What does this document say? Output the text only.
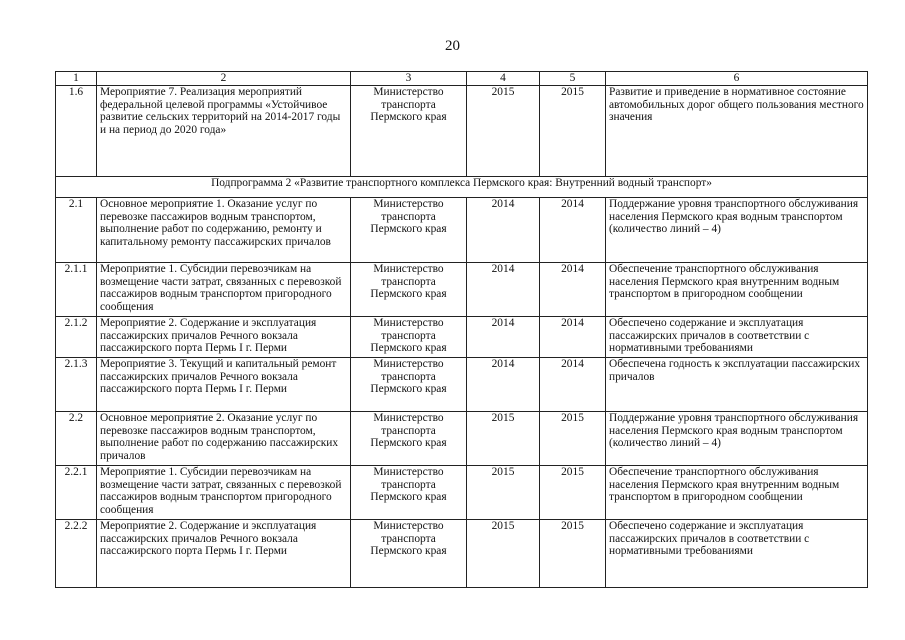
20
1	2	3	4	5	6
1.6	Мероприятие 7. Реализация мероприятий федеральной целевой программы «Устойчивое развитие сельских территорий на 2014-2017 годы и на период до 2020 года»	Министерство транспорта Пермского края	2015	2015	Развитие и приведение в нормативное состояние автомобильных дорог общего пользования местного значения
Подпрограмма 2 «Развитие транспортного комплекса Пермского края: Внутренний водный транспорт»					
2.1	Основное мероприятие 1. Оказание услуг по перевозке пассажиров водным транспортом, выполнение работ по содержанию, ремонту и капитальному ремонту пассажирских причалов	Министерство транспорта Пермского края	2014	2014	Поддержание уровня транспортного обслуживания населения Пермского края водным транспортом (количество линий – 4)
2.1.1	Мероприятие 1. Субсидии перевозчикам на возмещение части затрат, связанных с перевозкой пассажиров водным транспортом пригородного сообщения	Министерство транспорта Пермского края	2014	2014	Обеспечение транспортного обслуживания населения Пермского края внутренним водным транспортом в пригородном сообщении
2.1.2	Мероприятие 2. Содержание и эксплуатация пассажирских причалов Речного вокзала пассажирского порта Пермь I г. Перми	Министерство транспорта Пермского края	2014	2014	Обеспечено содержание и эксплуатация пассажирских причалов в соответствии с нормативными требованиями
2.1.3	Мероприятие 3. Текущий и капитальный ремонт пассажирских причалов Речного вокзала пассажирского порта Пермь I г. Перми	Министерство транспорта Пермского края	2014	2014	Обеспечена годность к эксплуатации пассажирских причалов
2.2	Основное мероприятие 2. Оказание услуг по перевозке пассажиров водным транспортом, выполнение работ по содержанию пассажирских причалов	Министерство транспорта Пермского края	2015	2015	Поддержание уровня транспортного обслуживания населения Пермского края водным транспортом (количество линий – 4)
2.2.1	Мероприятие 1. Субсидии перевозчикам на возмещение части затрат, связанных с перевозкой пассажиров водным транспортом пригородного сообщения	Министерство транспорта Пермского края	2015	2015	Обеспечение транспортного обслуживания населения Пермского края внутренним водным транспортом в пригородном сообщении
2.2.2	Мероприятие 2. Содержание и эксплуатация пассажирских причалов Речного вокзала пассажирского порта Пермь I г. Перми	Министерство транспорта Пермского края	2015	2015	Обеспечено содержание и эксплуатация пассажирских причалов в соответствии с нормативными требованиями
